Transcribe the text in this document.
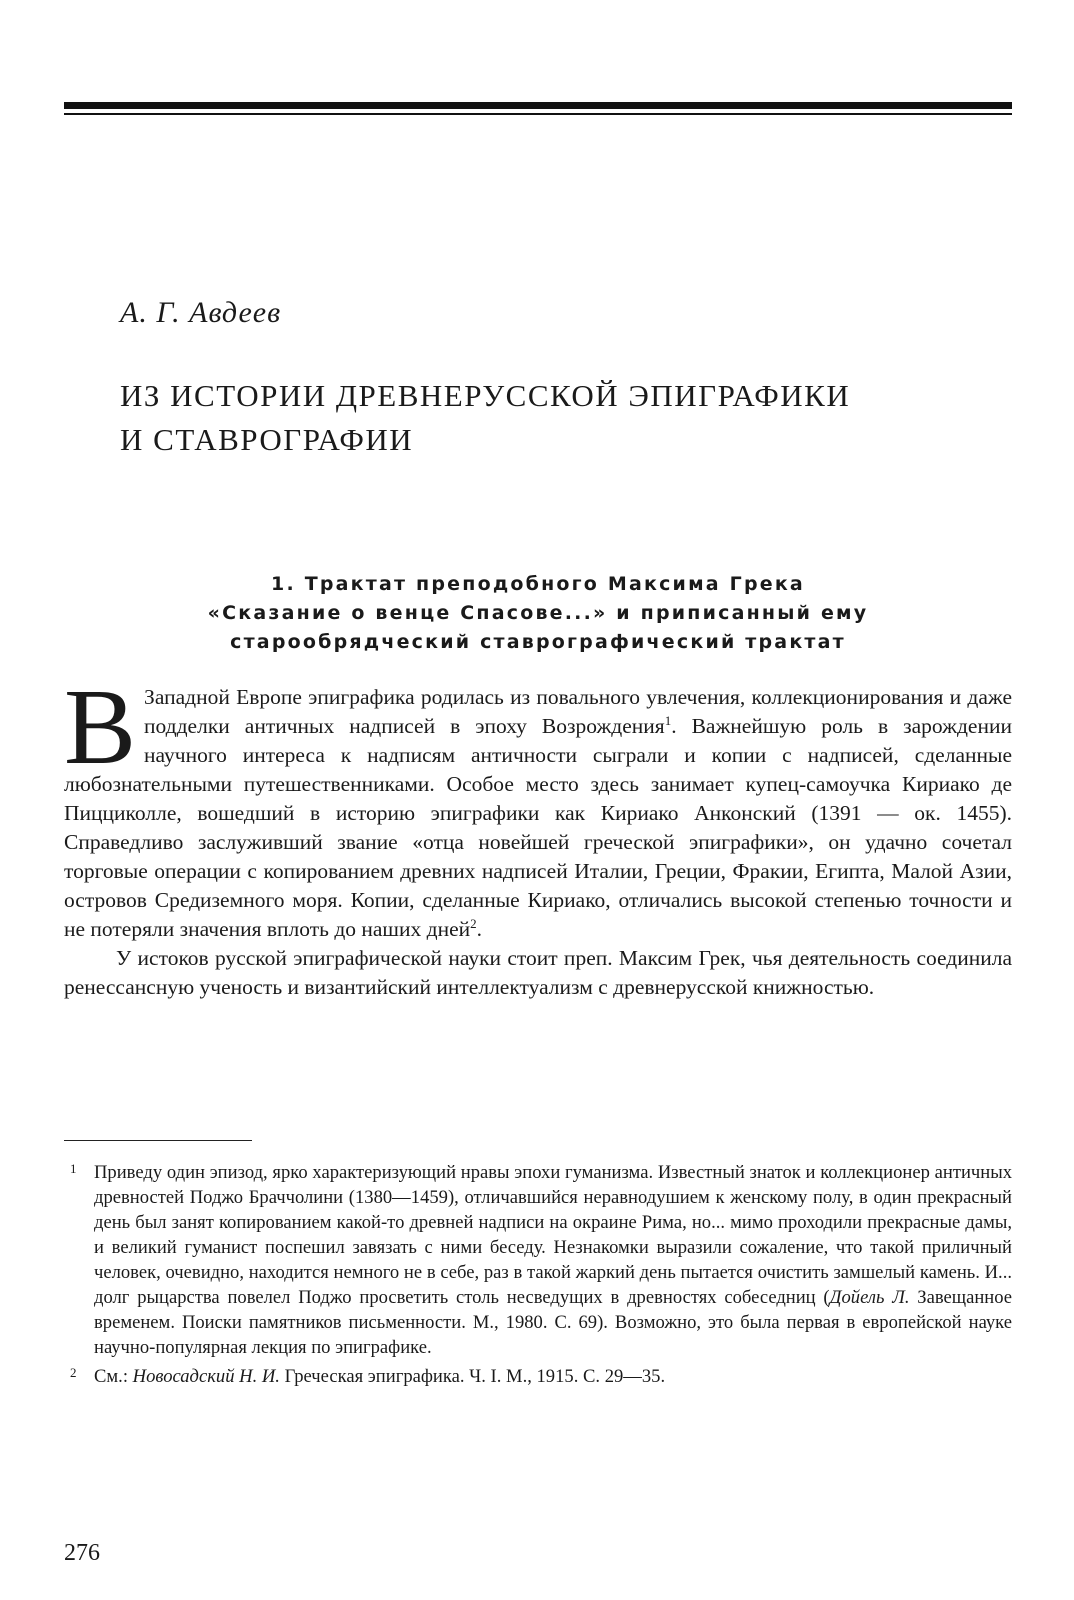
А. Г. Авдеев

ИЗ ИСТОРИИ ДРЕВНЕРУССКОЙ ЭПИГРАФИКИ
И СТАВРОГРАФИИ
1. Трактат преподобного Максима Грека
«Сказание о венце Спасове...» и приписанный ему
старообрядческий ставрографический трактат

В Западной Европе эпиграфика родилась из повального увлечения, коллекционирования и даже подделки античных надписей в эпоху Возрождения$^1$. Важнейшую роль в зарождении научного интереса к надписям античности сыграли и копии с надписей, сделанные любознательными путешественниками. Особое место здесь занимает купец-самоучка Кириако де Пицциколле, вошедший в историю эпиграфики как Кириако Анконский (1391 — ок. 1455). Справедливо заслуживший звание «отца новейшей греческой эпиграфики», он удачно сочетал торговые операции с копированием древних надписей Италии, Греции, Фракии, Египта, Малой Азии, островов Средиземного моря. Копии, сделанные Кириако, отличались высокой степенью точности и не потеряли значения вплоть до наших дней$^2$.

У истоков русской эпиграфической науки стоит преп. Максим Грек, чья деятельность соединила ренессансную ученость и византийский интеллектуализм с древнерусской книжностью.

1 Приведу один эпизод, ярко характеризующий нравы эпохи гуманизма. Известный знаток и коллекционер античных древностей Поджо Браччолини (1380—1459), отличавшийся неравнодушием к женскому полу, в один прекрасный день был занят копированием какой-то древней надписи на окраине Рима, но... мимо проходили прекрасные дамы, и великий гуманист поспешил завязать с ними беседу. Незнакомки выразили сожаление, что такой приличный человек, очевидно, находится немного не в себе, раз в такой жаркий день пытается очистить замшелый камень. И... долг рыцарства повелел Поджо просветить столь несведущих в древностях собеседниц (Дойель Л. Завещанное временем. Поиски памятников письменности. М., 1980. С. 69). Возможно, это была первая в европейской науке научно-популярная лекция по эпиграфике.

2 См.: Новосадский Н. И. Греческая эпиграфика. Ч. I. М., 1915. С. 29—35.

276
